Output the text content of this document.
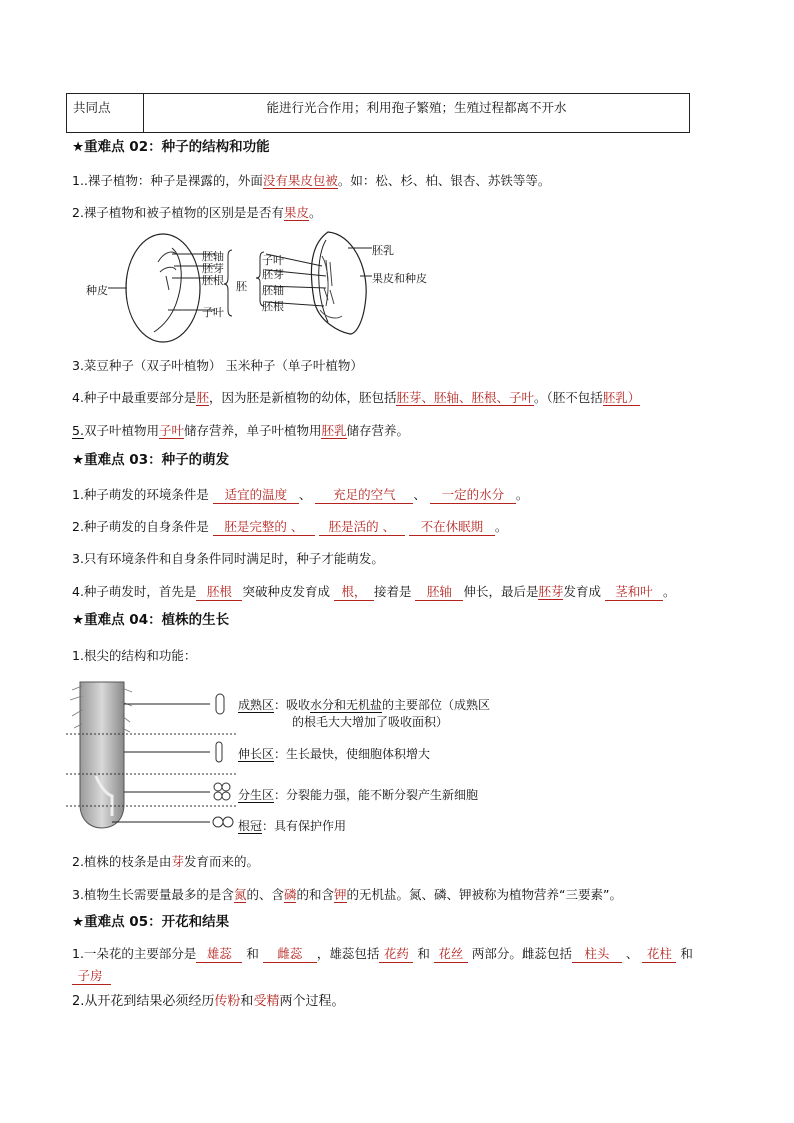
共同点	能进行光合作用；利用孢子繁殖；生殖过程都离不开水
★重难点 02：种子的结构和功能
1..裸子植物：种子是裸露的，外面没有果皮包被。如：松、杉、柏、银杏、苏铁等等。
2.裸子植物和被子植物的区别是是否有果皮。
胚轴
胚芽
胚根 胚
种皮
子叶
子叶
胚芽
胚轴
胚根
胚乳
果皮和种皮
3.菜豆种子（双子叶植物） 玉米种子（单子叶植物）
4.种子中最重要部分是胚，因为胚是新植物的幼体，胚包括胚芽、胚轴、胚根、子叶。（胚不包括胚乳）
5.双子叶植物用子叶储存营养，单子叶植物用胚乳储存营养。
★重难点 03：种子的萌发
1.种子萌发的环境条件是 适宜的温度 、 充足的空气 、 一定的水分 。
2.种子萌发的自身条件是 胚是完整的 、 胚是活的 、 不在休眠期 。
3.只有环境条件和自身条件同时满足时，种子才能萌发。
4.种子萌发时，首先是 胚根 突破种皮发育成 根， 接着是 胚轴 伸长，最后是胚芽发育成 茎和叶 。
★重难点 04：植株的生长
1.根尖的结构和功能：
成熟区：吸收水分和无机盐的主要部位（成熟区
的根毛大大增加了吸收面积）
伸长区：生长最快，使细胞体积增大
分生区：分裂能力强，能不断分裂产生新细胞
根冠：具有保护作用
2.植株的枝条是由芽发育而来的。
3.植物生长需要量最多的是含氮的、含磷的和含钾的无机盐。氮、磷、钾被称为植物营养“三要素”。
★重难点 05：开花和结果
1.一朵花的主要部分是 雄蕊 和 雌蕊 ，雄蕊包括 花药 和 花丝 两部分。雌蕊包括 柱头 、 花柱 和
子房
2.从开花到结果必须经历传粉和受精两个过程。
